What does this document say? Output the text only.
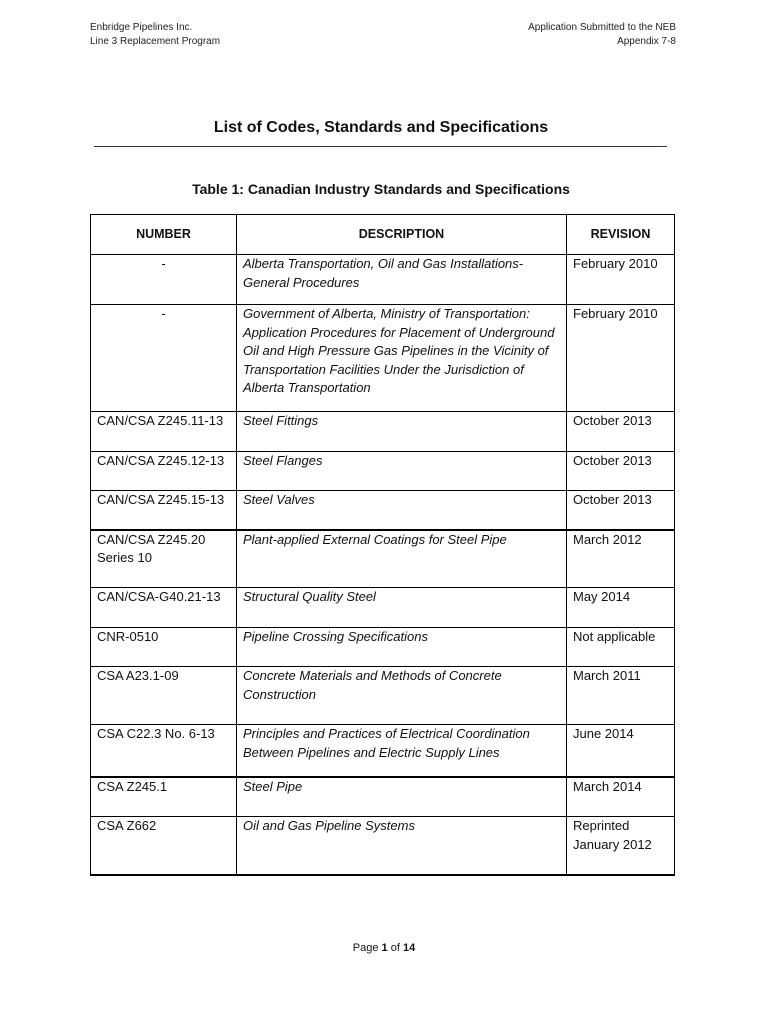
Enbridge Pipelines Inc.
Line 3 Replacement Program
Application Submitted to the NEB
Appendix 7-8
List of Codes, Standards and Specifications
Table 1: Canadian Industry Standards and Specifications
NUMBER	DESCRIPTION	REVISION
-	Alberta Transportation, Oil and Gas Installations-General Procedures	February 2010
-	Government of Alberta, Ministry of Transportation: Application Procedures for Placement of Underground Oil and High Pressure Gas Pipelines in the Vicinity of Transportation Facilities Under the Jurisdiction of Alberta Transportation	February 2010
CAN/CSA Z245.11-13	Steel Fittings	October 2013
CAN/CSA Z245.12-13	Steel Flanges	October 2013
CAN/CSA Z245.15-13	Steel Valves	October 2013
CAN/CSA Z245.20 Series 10	Plant-applied External Coatings for Steel Pipe	March 2012
CAN/CSA-G40.21-13	Structural Quality Steel	May 2014
CNR-0510	Pipeline Crossing Specifications	Not applicable
CSA A23.1-09	Concrete Materials and Methods of Concrete Construction	March 2011
CSA C22.3 No. 6-13	Principles and Practices of Electrical Coordination Between Pipelines and Electric Supply Lines	June 2014
CSA Z245.1	Steel Pipe	March 2014
CSA Z662	Oil and Gas Pipeline Systems	Reprinted January 2012
Page 1 of 14
